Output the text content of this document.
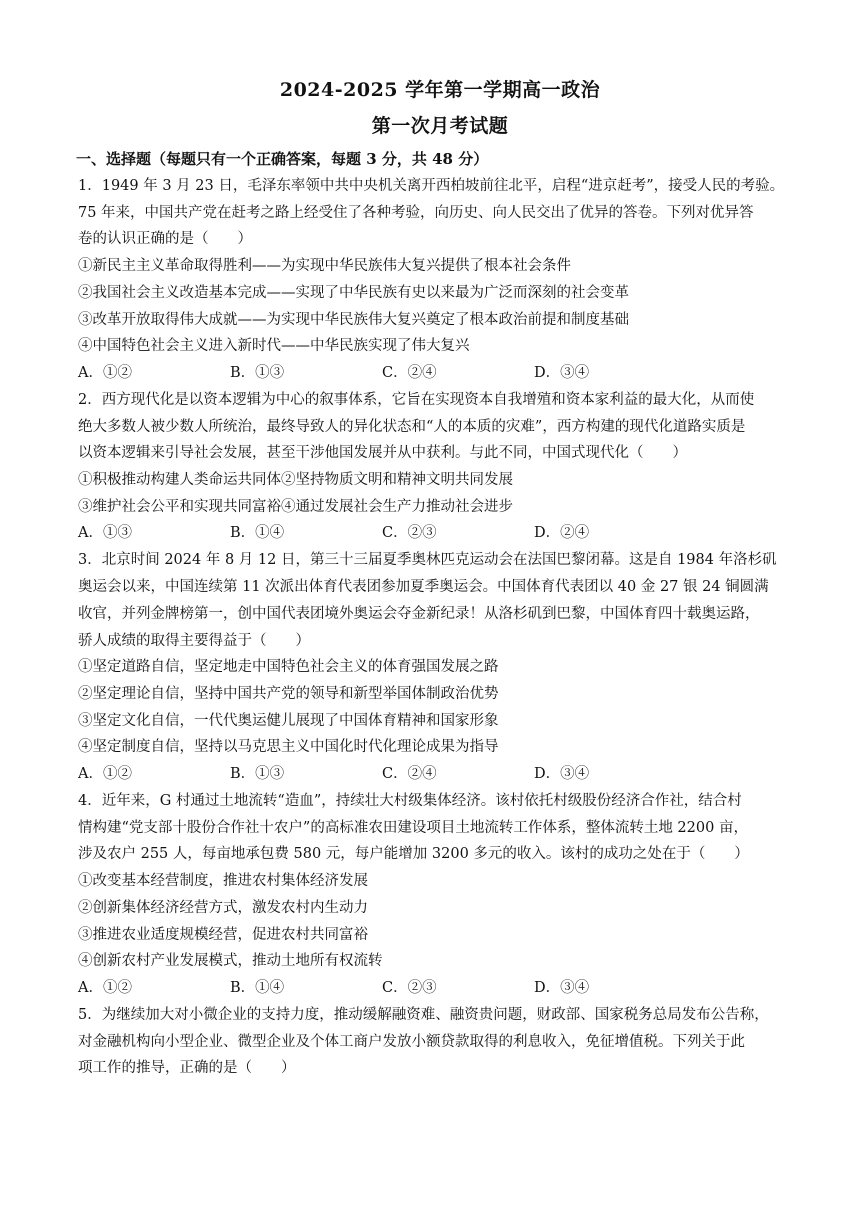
2024-2025 学年第一学期高一政治
第一次月考试题
一、选择题（每题只有一个正确答案，每题 3 分，共 48 分）
1．1949 年 3 月 23 日，毛泽东率领中共中央机关离开西柏坡前往北平，启程“进京赶考”，接受人民的考验。
75 年来，中国共产党在赶考之路上经受住了各种考验，向历史、向人民交出了优异的答卷。下列对优异答
卷的认识正确的是（　　）
①新民主主义革命取得胜利——为实现中华民族伟大复兴提供了根本社会条件
②我国社会主义改造基本完成——实现了中华民族有史以来最为广泛而深刻的社会变革
③改革开放取得伟大成就——为实现中华民族伟大复兴奠定了根本政治前提和制度基础
④中国特色社会主义进入新时代——中华民族实现了伟大复兴
A．①②	B．①③	C．②④	D．③④
2．西方现代化是以资本逻辑为中心的叙事体系，它旨在实现资本自我增殖和资本家利益的最大化，从而使
绝大多数人被少数人所统治，最终导致人的异化状态和“人的本质的灾难”，西方构建的现代化道路实质是
以资本逻辑来引导社会发展，甚至干涉他国发展并从中获利。与此不同，中国式现代化（　　）
①积极推动构建人类命运共同体②坚持物质文明和精神文明共同发展
③维护社会公平和实现共同富裕④通过发展社会生产力推动社会进步
A．①③	B．①④	C．②③	D．②④
3．北京时间 2024 年 8 月 12 日，第三十三届夏季奥林匹克运动会在法国巴黎闭幕。这是自 1984 年洛杉矶
奥运会以来，中国连续第 11 次派出体育代表团参加夏季奥运会。中国体育代表团以 40 金 27 银 24 铜圆满
收官，并列金牌榜第一，创中国代表团境外奥运会夺金新纪录！从洛杉矶到巴黎，中国体育四十载奥运路，
骄人成绩的取得主要得益于（　　）
①坚定道路自信，坚定地走中国特色社会主义的体育强国发展之路
②坚定理论自信，坚持中国共产党的领导和新型举国体制政治优势
③坚定文化自信，一代代奥运健儿展现了中国体育精神和国家形象
④坚定制度自信，坚持以马克思主义中国化时代化理论成果为指导
A．①②	B．①③	C．②④	D．③④
4．近年来，G 村通过土地流转“造血”，持续壮大村级集体经济。该村依托村级股份经济合作社，结合村
情构建“党支部十股份合作社十农户”的高标准农田建设项目土地流转工作体系，整体流转土地 2200 亩，
涉及农户 255 人，每亩地承包费 580 元，每户能增加 3200 多元的收入。该村的成功之处在于（　　）
①改变基本经营制度，推进农村集体经济发展
②创新集体经济经营方式，激发农村内生动力
③推进农业适度规模经营，促进农村共同富裕
④创新农村产业发展模式，推动土地所有权流转
A．①②	B．①④	C．②③	D．③④
5．为继续加大对小微企业的支持力度，推动缓解融资难、融资贵问题，财政部、国家税务总局发布公告称，
对金融机构向小型企业、微型企业及个体工商户发放小额贷款取得的利息收入，免征增值税。下列关于此
项工作的推导，正确的是（　　）
